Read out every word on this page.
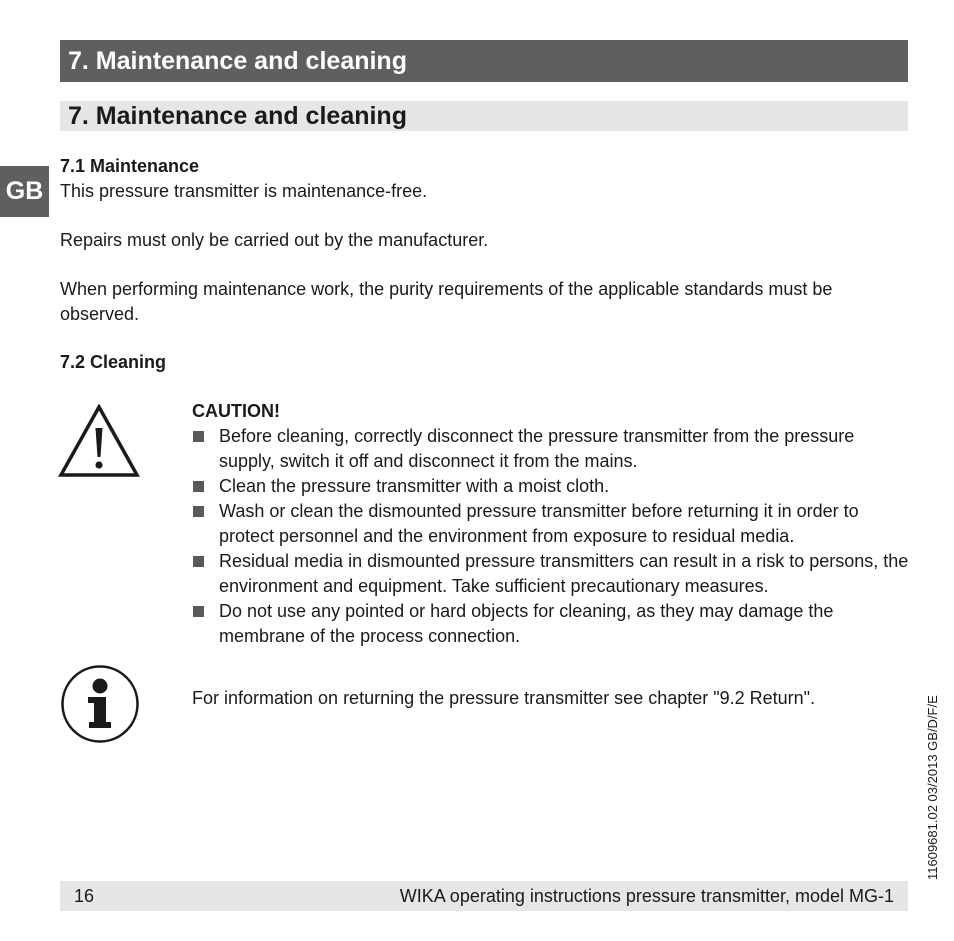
7. Maintenance and cleaning
7. Maintenance and cleaning
GB
7.1 Maintenance
This pressure transmitter is maintenance-free.
Repairs must only be carried out by the manufacturer.
When performing maintenance work, the purity requirements of the applicable standards must be observed.
7.2 Cleaning
CAUTION!
Before cleaning, correctly disconnect the pressure transmitter from the pressure supply, switch it off and disconnect it from the mains.
Clean the pressure transmitter with a moist cloth.
Wash or clean the dismounted pressure transmitter before returning it in order to protect personnel and the environment from exposure to residual media.
Residual media in dismounted pressure transmitters can result in a risk to persons, the environment and equipment. Take sufficient precautionary measures.
Do not use any pointed or hard objects for cleaning, as they may damage the membrane of the process connection.
For information on returning the pressure transmitter see chapter "9.2 Return".
16	WIKA operating instructions pressure transmitter, model MG-1
11609681.02 03/2013 GB/D/F/E
